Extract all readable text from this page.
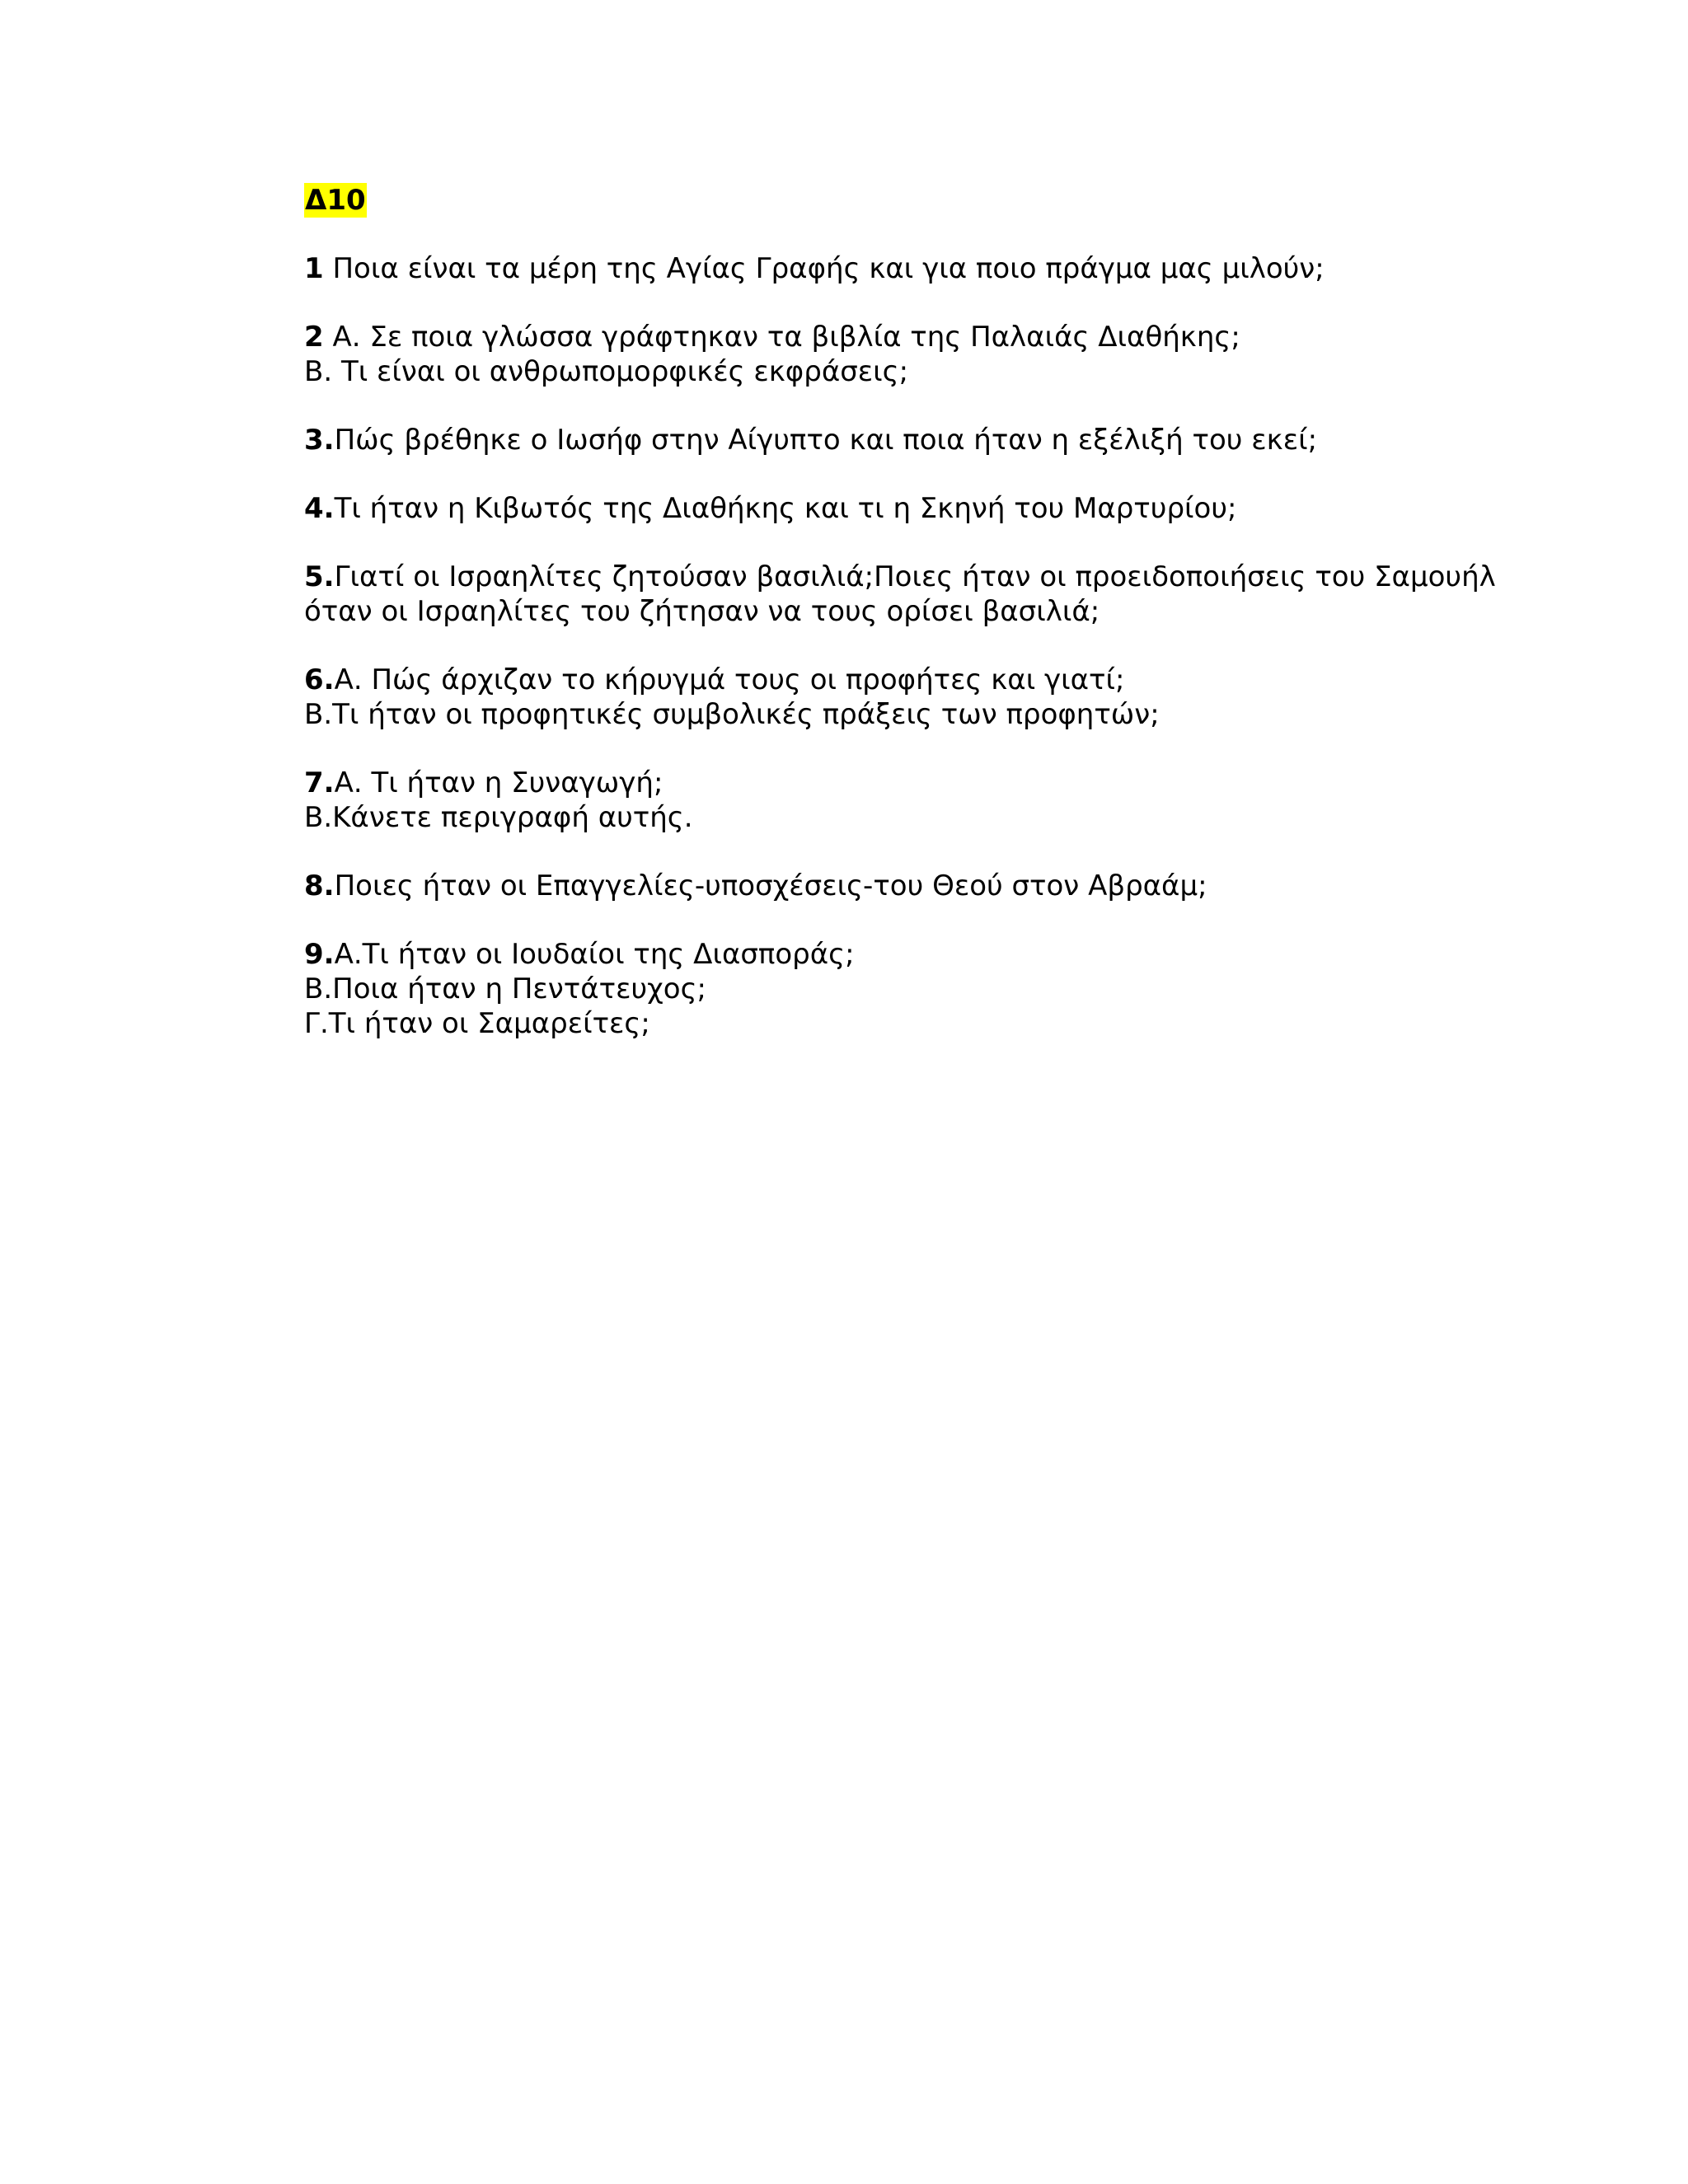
Δ10
1 Ποια είναι τα μέρη της Αγίας Γραφής και για ποιο πράγμα μας μιλούν;
2 Α. Σε ποια γλώσσα γράφτηκαν τα βιβλία της Παλαιάς Διαθήκης;
Β. Τι είναι οι ανθρωπομορφικές εκφράσεις;
3.Πώς βρέθηκε ο Ιωσήφ στην Αίγυπτο και ποια ήταν η εξέλιξή του εκεί;
4.Τι ήταν η Κιβωτός της Διαθήκης και τι η Σκηνή του Μαρτυρίου;
5.Γιατί οι Ισραηλίτες ζητούσαν βασιλιά;Ποιες ήταν οι προειδοποιήσεις του Σαμουήλ
όταν οι Ισραηλίτες του ζήτησαν να τους ορίσει βασιλιά;
6.Α. Πώς άρχιζαν το κήρυγμά τους οι προφήτες και γιατί;
Β.Τι ήταν οι προφητικές συμβολικές πράξεις των προφητών;
7.Α. Τι ήταν η Συναγωγή;
Β.Κάνετε περιγραφή αυτής.
8.Ποιες ήταν οι Επαγγελίες-υποσχέσεις-του Θεού στον Αβραάμ;
9.Α.Τι ήταν οι Ιουδαίοι της Διασποράς;
Β.Ποια ήταν η Πεντάτευχος;
Γ.Τι ήταν οι Σαμαρείτες;
